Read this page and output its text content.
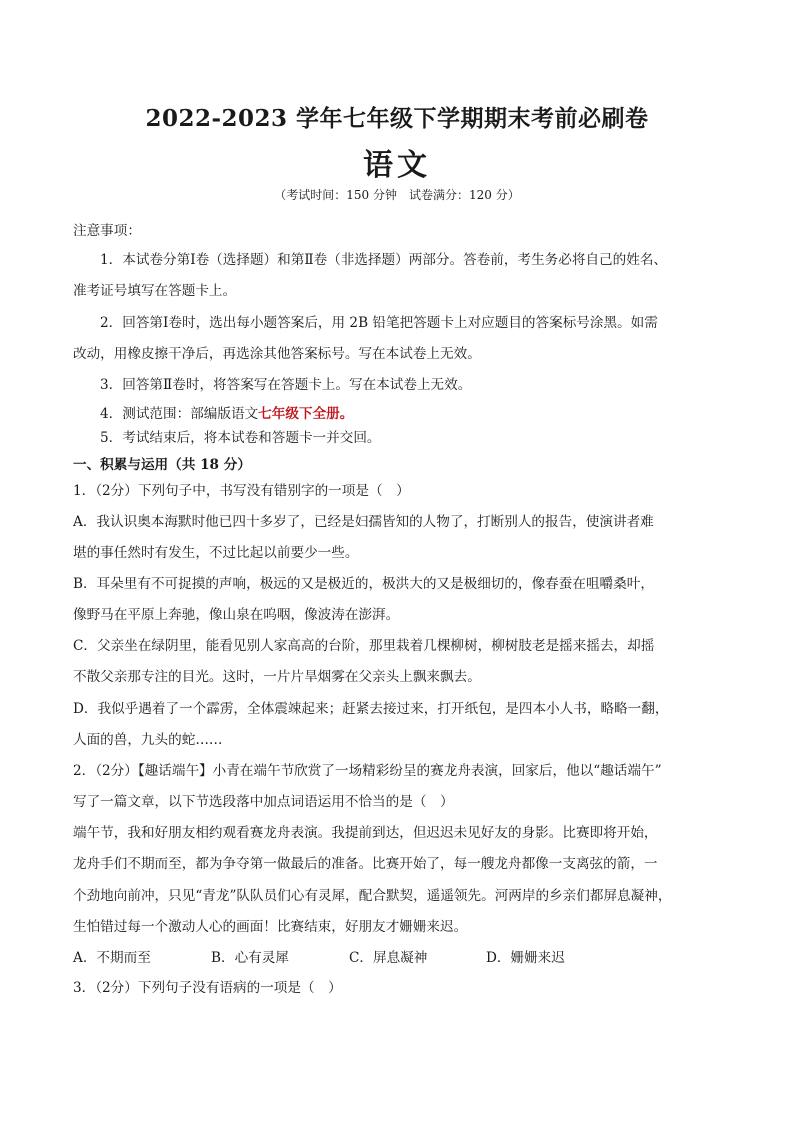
2022-2023 学年七年级下学期期末考前必刷卷
语文
（考试时间：150 分钟　试卷满分：120 分）
注意事项：
1．本试卷分第Ⅰ卷（选择题）和第Ⅱ卷（非选择题）两部分。答卷前，考生务必将自己的姓名、
准考证号填写在答题卡上。
2．回答第Ⅰ卷时，选出每小题答案后，用 2B 铅笔把答题卡上对应题目的答案标号涂黑。如需
改动，用橡皮擦干净后，再选涂其他答案标号。写在本试卷上无效。
3．回答第Ⅱ卷时，将答案写在答题卡上。写在本试卷上无效。
4．测试范围：部编版语文七年级下全册。
5．考试结束后，将本试卷和答题卡一并交回。
一、积累与运用（共 18 分）
1．（2分）下列句子中，书写没有错别字的一项是（　）
A．我认识奥本海默时他已四十多岁了，已经是妇孺皆知的人物了，打断别人的报告，使演讲者难
堪的事任然时有发生，不过比起以前要少一些。
B．耳朵里有不可捉摸的声响，极远的又是极近的，极洪大的又是极细切的，像春蚕在咀嚼桑叶，
像野马在平原上奔驰，像山泉在呜咽，像波涛在澎湃。
C．父亲坐在绿阴里，能看见别人家高高的台阶，那里栽着几棵柳树，柳树肢老是摇来摇去，却摇
不散父亲那专注的目光。这时，一片片旱烟雾在父亲头上飘来飘去。
D．我似乎遇着了一个霹雳，全体震竦起来；赶紧去接过来，打开纸包，是四本小人书，略略一翻，
人面的兽，九头的蛇……
2．（2分）【趣话端午】小青在端午节欣赏了一场精彩纷呈的赛龙舟表演，回家后，他以“趣话端午”
写了一篇文章，以下节选段落中加点词语运用不恰当的是（　）
端午节，我和好朋友相约观看赛龙舟表演。我提前到达，但迟迟未见好友的身影。比赛即将开始，
龙舟手们不期而至，都为争夺第一做最后的准备。比赛开始了，每一艘龙舟都像一支离弦的箭，一
个劲地向前冲，只见“青龙”队队员们心有灵犀，配合默契，遥遥领先。河两岸的乡亲们都屏息凝神，
生怕错过每一个激动人心的画面！比赛结束，好朋友才姗姗来迟。
A．不期而至	B．心有灵犀	C．屏息凝神	D．姗姗来迟
3．（2分）下列句子没有语病的一项是（　）
